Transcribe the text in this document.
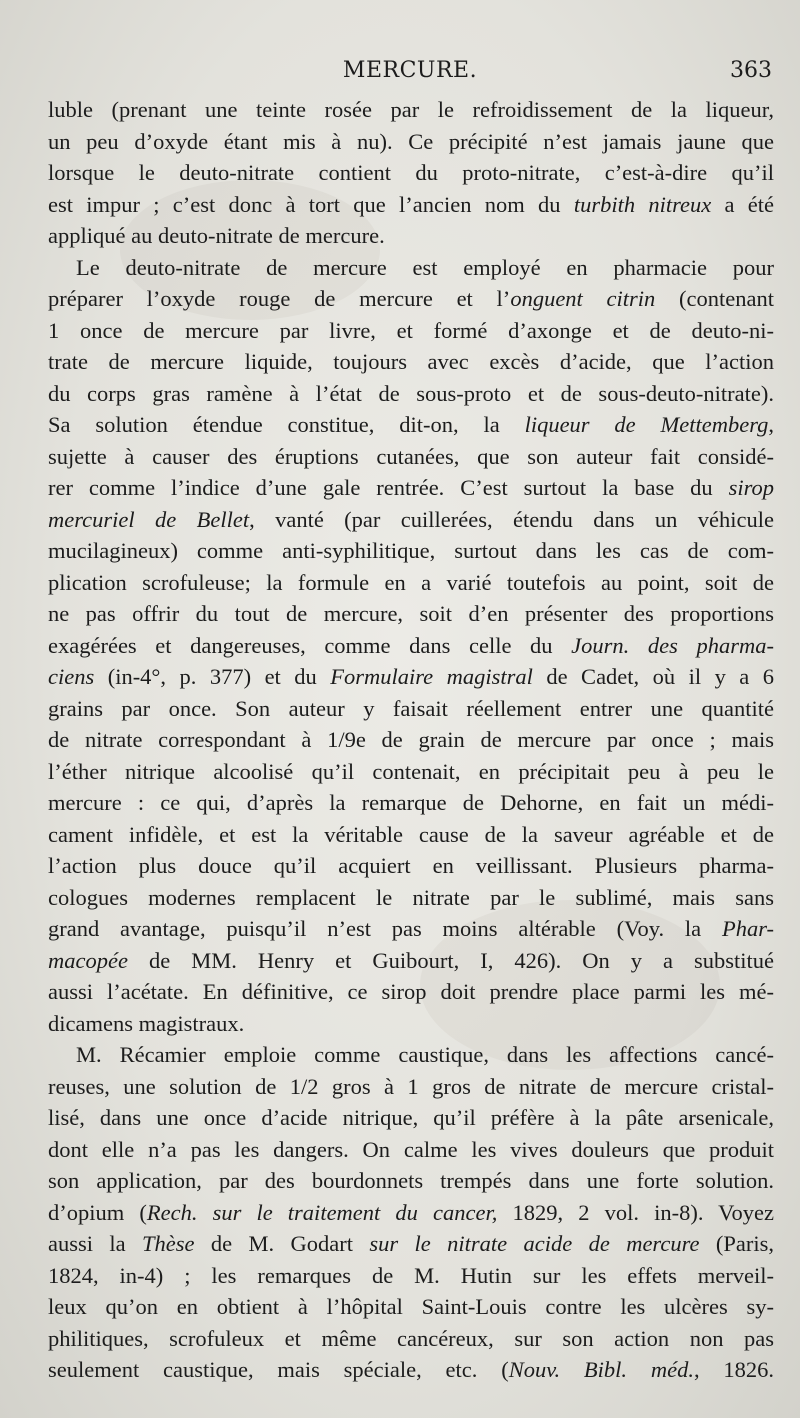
MERCURE.	363
luble (prenant une teinte rosée par le refroidissement de la liqueur,
un peu d’oxyde étant mis à nu). Ce précipité n’est jamais jaune que
lorsque le deuto-nitrate contient du proto-nitrate, c’est-à-dire qu’il
est impur ; c’est donc à tort que l’ancien nom du turbith nitreux a été
appliqué au deuto-nitrate de mercure.
Le deuto-nitrate de mercure est employé en pharmacie pour
préparer l’oxyde rouge de mercure et l’onguent citrin (contenant
1 once de mercure par livre, et formé d’axonge et de deuto-ni-
trate de mercure liquide, toujours avec excès d’acide, que l’action
du corps gras ramène à l’état de sous-proto et de sous-deuto-nitrate).
Sa solution étendue constitue, dit-on, la liqueur de Mettemberg,
sujette à causer des éruptions cutanées, que son auteur fait considé-
rer comme l’indice d’une gale rentrée. C’est surtout la base du sirop
mercuriel de Bellet, vanté (par cuillerées, étendu dans un véhicule
mucilagineux) comme anti-syphilitique, surtout dans les cas de com-
plication scrofuleuse; la formule en a varié toutefois au point, soit de
ne pas offrir du tout de mercure, soit d’en présenter des proportions
exagérées et dangereuses, comme dans celle du Journ. des pharma-
ciens (in-4°, p. 377) et du Formulaire magistral de Cadet, où il y a 6
grains par once. Son auteur y faisait réellement entrer une quantité
de nitrate correspondant à 1/9e de grain de mercure par once ; mais
l’éther nitrique alcoolisé qu’il contenait, en précipitait peu à peu le
mercure : ce qui, d’après la remarque de Dehorne, en fait un médi-
cament infidèle, et est la véritable cause de la saveur agréable et de
l’action plus douce qu’il acquiert en veillissant. Plusieurs pharma-
cologues modernes remplacent le nitrate par le sublimé, mais sans
grand avantage, puisqu’il n’est pas moins altérable (Voy. la Phar-
macopée de MM. Henry et Guibourt, I, 426). On y a substitué
aussi l’acétate. En définitive, ce sirop doit prendre place parmi les mé-
dicamens magistraux.
M. Récamier emploie comme caustique, dans les affections cancé-
reuses, une solution de 1/2 gros à 1 gros de nitrate de mercure cristal-
lisé, dans une once d’acide nitrique, qu’il préfère à la pâte arsenicale,
dont elle n’a pas les dangers. On calme les vives douleurs que produit
son application, par des bourdonnets trempés dans une forte solution.
d’opium (Rech. sur le traitement du cancer, 1829, 2 vol. in-8). Voyez
aussi la Thèse de M. Godart sur le nitrate acide de mercure (Paris,
1824, in-4) ; les remarques de M. Hutin sur les effets merveil-
leux qu’on en obtient à l’hôpital Saint-Louis contre les ulcères sy-
philitiques, scrofuleux et même cancéreux, sur son action non pas
seulement caustique, mais spéciale, etc. (Nouv. Bibl. méd., 1826.
